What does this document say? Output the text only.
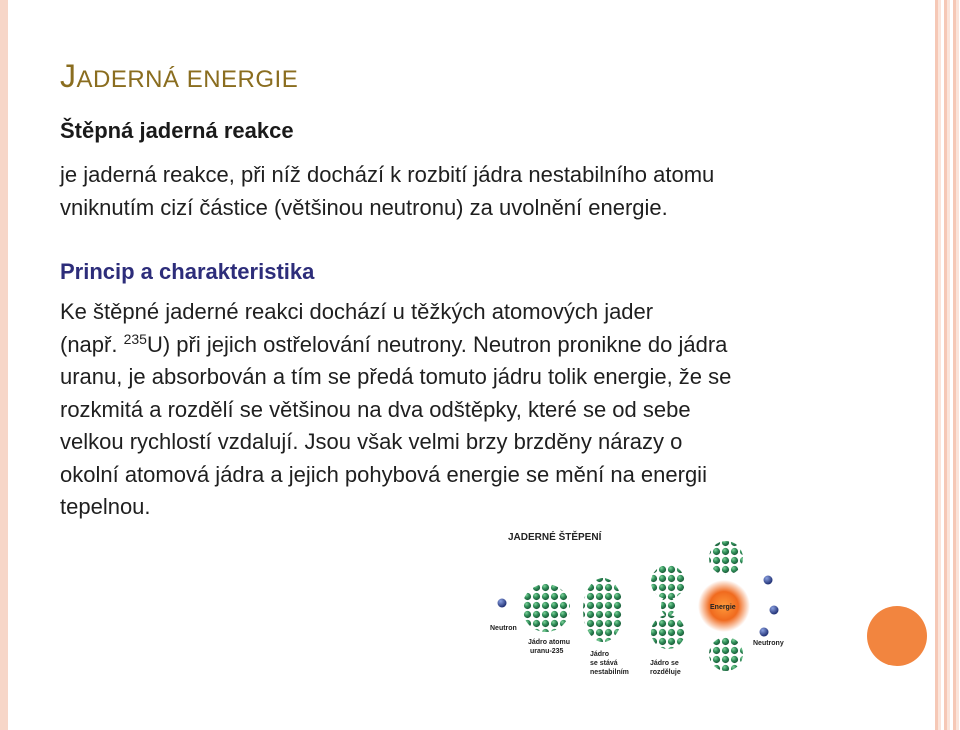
JADERNÁ ENERGIE
Štěpná jaderná reakce
je jaderná reakce, při níž dochází k rozbití jádra nestabilního atomu
vniknutím cizí částice (většinou neutronu) za uvolnění energie.
Princip a charakteristika
Ke štěpné jaderné reakci dochází u těžkých atomových jader
(např. $^{235}$U) při jejich ostřelování neutrony. Neutron pronikne do jádra
uranu, je absorbován a tím se předá tomuto jádru tolik energie, že se
rozkmitá a rozdělí se většinou na dva odštěpky, které se od sebe
velkou rychlostí vzdalují. Jsou však velmi brzy brzděny nárazy o
okolní atomová jádra a jejich pohybová energie se mění na energii
tepelnou.
JADERNÉ ŠTĚPENÍ
Neutron
Jádro atomu
uranu-235	Jádro
se stává
nestabilním
Jádro se
rozděluje
Energie
Neutrony
